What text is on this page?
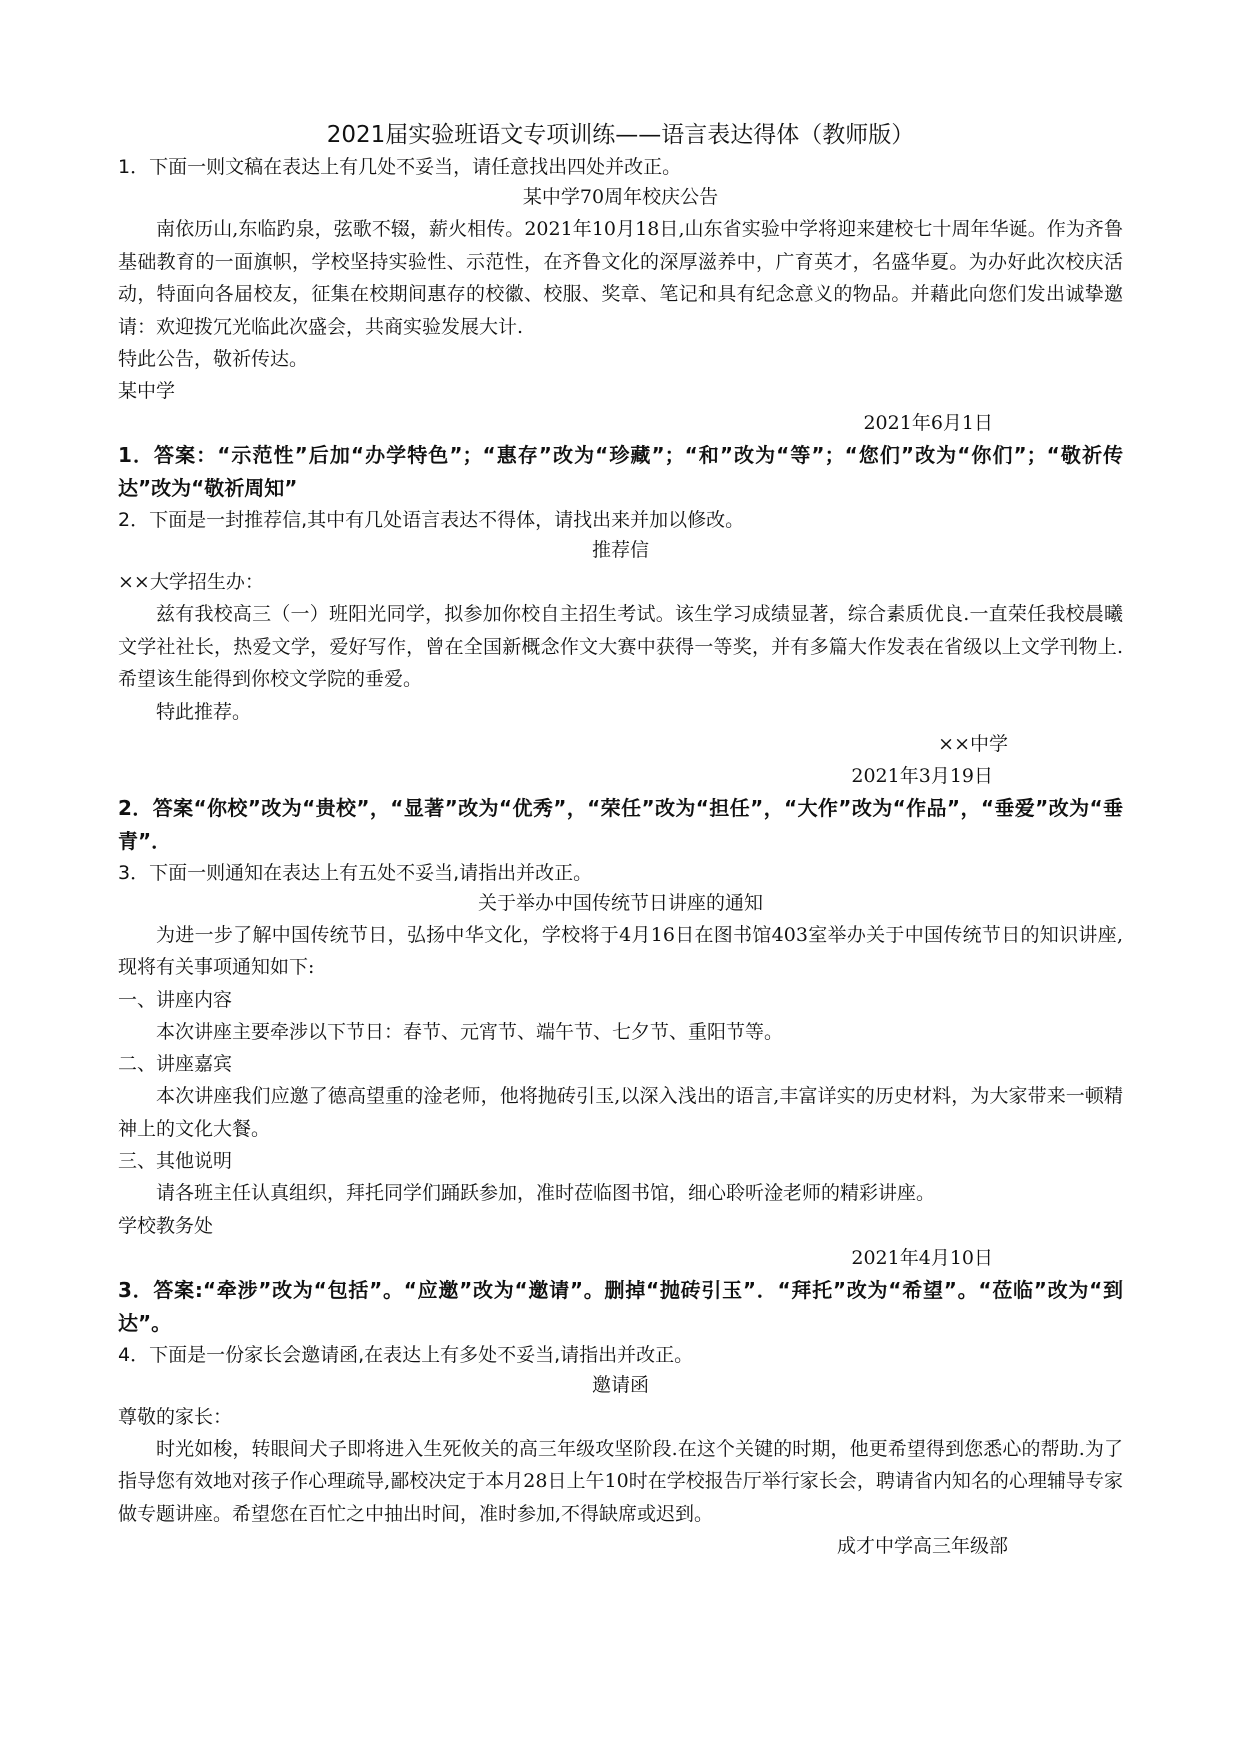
2021届实验班语文专项训练——语言表达得体（教师版）

1．下面一则文稿在表达上有几处不妥当，请任意找出四处并改正。

某中学70周年校庆公告

南依历山,东临趵泉，弦歌不辍，薪火相传。2021年10月18日,山东省实验中学将迎来建校七十周年华诞。作为齐鲁基础教育的一面旗帜，学校坚持实验性、示范性，在齐鲁文化的深厚滋养中，广育英才，名盛华夏。为办好此次校庆活动，特面向各届校友，征集在校期间惠存的校徽、校服、奖章、笔记和具有纪念意义的物品。并藉此向您们发出诚挚邀请：欢迎拨冗光临此次盛会，共商实验发展大计.

特此公告，敬祈传达。

某中学

2021年6月1日

1．答案：“示范性”后加“办学特色”；“惠存”改为“珍藏”；“和”改为“等”；“您们”改为“你们”；“敬祈传达”改为“敬祈周知”

2．下面是一封推荐信,其中有几处语言表达不得体，请找出来并加以修改。

推荐信

××大学招生办：

兹有我校高三（一）班阳光同学，拟参加你校自主招生考试。该生学习成绩显著，综合素质优良.一直荣任我校晨曦文学社社长，热爱文学，爱好写作，曾在全国新概念作文大赛中获得一等奖，并有多篇大作发表在省级以上文学刊物上.希望该生能得到你校文学院的垂爱。

特此推荐。

××中学

2021年3月19日

2．答案“你校”改为“贵校”，“显著”改为“优秀”，“荣任”改为“担任”，“大作”改为“作品”，“垂爱”改为“垂青”．

3．下面一则通知在表达上有五处不妥当,请指出并改正。

关于举办中国传统节日讲座的通知

为进一步了解中国传统节日，弘扬中华文化，学校将于4月16日在图书馆403室举办关于中国传统节日的知识讲座,现将有关事项通知如下:

一、讲座内容

本次讲座主要牵涉以下节日：春节、元宵节、端午节、七夕节、重阳节等。

二、讲座嘉宾

本次讲座我们应邀了德高望重的淦老师，他将抛砖引玉,以深入浅出的语言,丰富详实的历史材料，为大家带来一顿精神上的文化大餐。

三、其他说明

请各班主任认真组织，拜托同学们踊跃参加，准时莅临图书馆，细心聆听淦老师的精彩讲座。

学校教务处

2021年4月10日

3．答案:“牵涉”改为“包括”。“应邀”改为“邀请”。删掉“抛砖引玉”．“拜托”改为“希望”。“莅临”改为“到达”。

4．下面是一份家长会邀请函,在表达上有多处不妥当,请指出并改正。

邀请函

尊敬的家长：

时光如梭，转眼间犬子即将进入生死攸关的高三年级攻坚阶段.在这个关键的时期，他更希望得到您悉心的帮助.为了指导您有效地对孩子作心理疏导,鄙校决定于本月28日上午10时在学校报告厅举行家长会，聘请省内知名的心理辅导专家做专题讲座。希望您在百忙之中抽出时间，准时参加,不得缺席或迟到。

成才中学高三年级部
